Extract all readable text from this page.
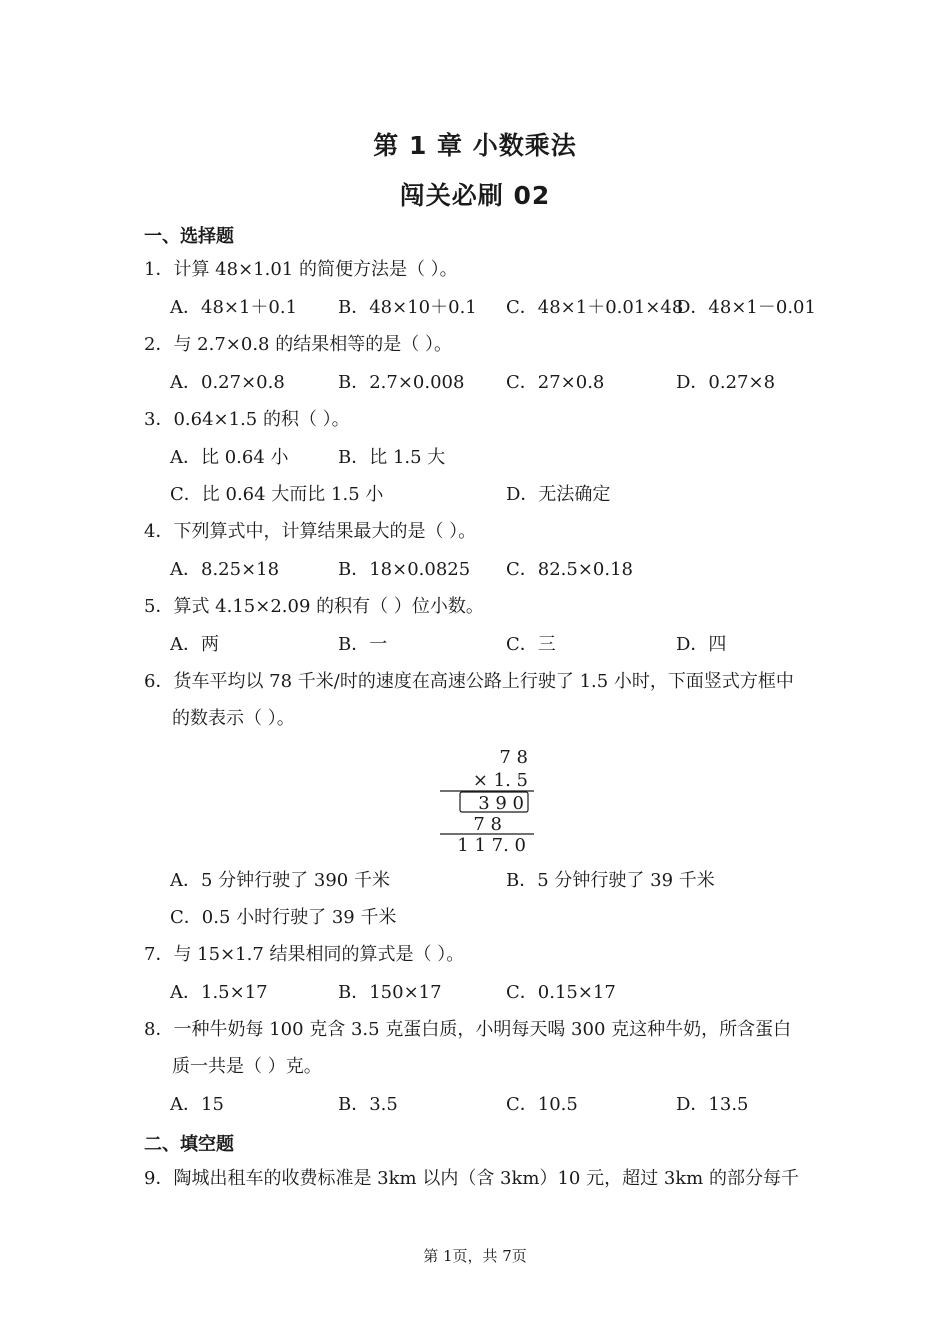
第 1 章 小数乘法
闯关必刷 02
一、选择题
1．计算 48×1.01 的简便方法是（ ）。
A．48×1＋0.1 B．48×10＋0.1 C．48×1＋0.01×48
D．48×1－0.01
2．与 2.7×0.8 的结果相等的是（ ）。
A．0.27×0.8	B．2.7×0.008 C．27×0.8	D．0.27×8
3．0.64×1.5 的积（ ）。
A．比 0.64 小	B．比 1.5 大
C．比 0.64 大而比 1.5 小	D．无法确定
4．下列算式中，计算结果最大的是（ ）。
A．8.25×18	B．18×0.0825 C．82.5×0.18
5．算式 4.15×2.09 的积有（ ）位小数。
A．两	B．一	C．三	D．四
6．货车平均以 78 千米/时的速度在高速公路上行驶了 1.5 小时，下面竖式方框中
的数表示（ ）。
7 8
× 1. 5
3 9 0
7 8
1 1 7. 0
A．5 分钟行驶了 390 千米	B．5 分钟行驶了 39 千米
C．0.5 小时行驶了 39 千米
7．与 15×1.7 结果相同的算式是（ ）。
A．1.5×17	B．150×17	C．0.15×17
8．一种牛奶每 100 克含 3.5 克蛋白质，小明每天喝 300 克这种牛奶，所含蛋白
质一共是（ ）克。
A．15	B．3.5	C．10.5	D．13.5
二、填空题
9．陶城出租车的收费标准是 3km 以内（含 3km）10 元，超过 3km 的部分每千
第 1页，共 7页
